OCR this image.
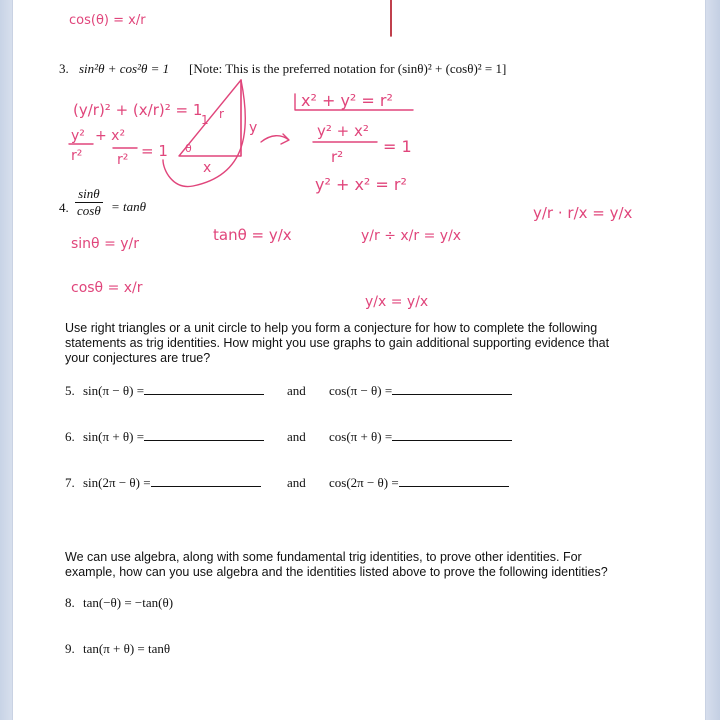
cos(θ) = x/r
(y/r)² + (x/r)² = 1
y²
r²
+ x²
r² = 1
y
x
θ
1 r
x² + y² = r²
y² + x²
r²
= 1
y² + x² = r²
sinθ = y/r
cosθ = x/r
tanθ = y/x	y/r ÷ x/r = y/x
y/x = y/x
y/r · r/x = y/x
3. sin²θ + cos²θ = 1 [Note: This is the preferred notation for (sinθ)² + (cosθ)² = 1]
4. $\frac{\sin\theta}{\cos\theta} = \tan\theta$
Use right triangles or a unit circle to help you form a conjecture for how to complete the following
statements as trig identities. How might you use graphs to gain additional supporting evidence that
your conjectures are true?
5. sin(π − θ) =	and cos(π − θ) =
6. sin(π + θ) =	and cos(π + θ) =
7. sin(2π − θ) =	and cos(2π − θ) =
We can use algebra, along with some fundamental trig identities, to prove other identities. For
example, how can you use algebra and the identities listed above to prove the following identities?
8. tan(−θ) = −tan(θ)
9. tan(π + θ) = tanθ
